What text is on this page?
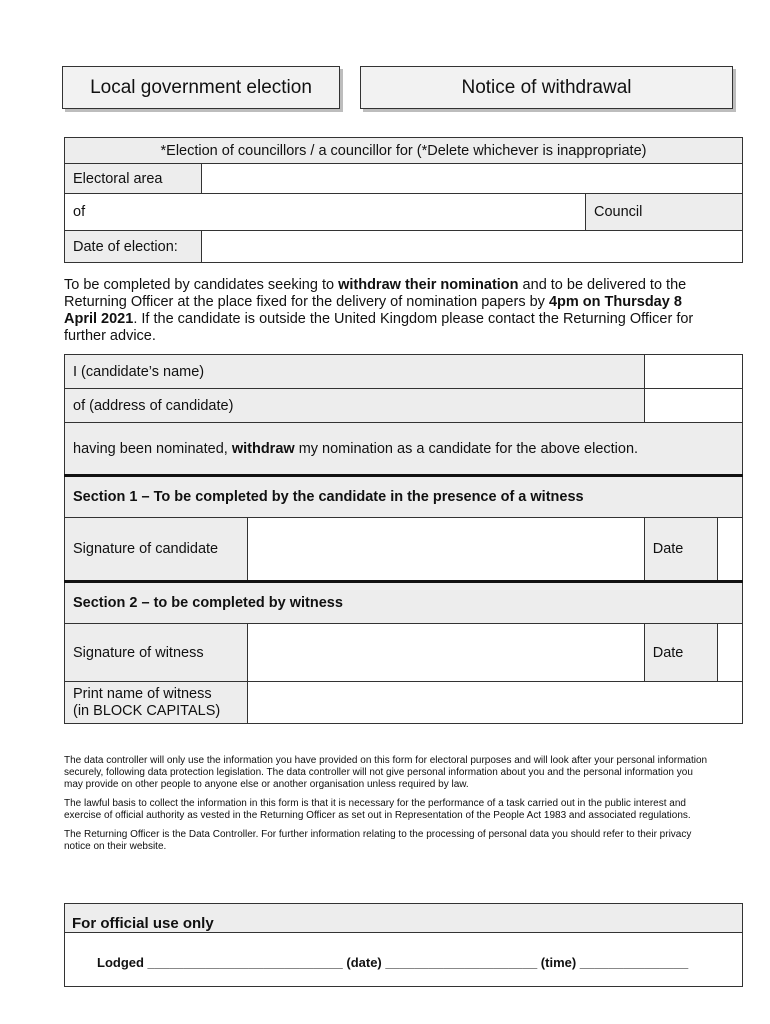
Local government election	Notice of withdrawal
*Election of councillors / a councillor for (*Delete whichever is inappropriate)		
Electoral area		
of		Council
Date of election:		
To be completed by candidates seeking to withdraw their nomination and to be delivered to the Returning Officer at the place fixed for the delivery of nomination papers by 4pm on Thursday 8 April 2021. If the candidate is outside the United Kingdom please contact the Returning Officer for further advice.
I (candidate’s name)			
of (address of candidate)			
having been nominated, withdraw my nomination as a candidate for the above election.			
Section 1 – To be completed by the candidate in the presence of a witness			
Signature of candidate		Date	
Section 2 – to be completed by witness			
Signature of witness		Date	
Print name of witness
(in BLOCK CAPITALS)			

The data controller will only use the information you have provided on this form for electoral purposes and will look after your personal information securely, following data protection legislation. The data controller will not give personal information about you and the personal information you may provide on other people to anyone else or another organisation unless required by law.

The lawful basis to collect the information in this form is that it is necessary for the performance of a task carried out in the public interest and exercise of official authority as vested in the Returning Officer as set out in Representation of the People Act 1983 and associated regulations.

The Returning Officer is the Data Controller. For further information relating to the processing of personal data you should refer to their privacy notice on their website.

For official use only
Lodged ___________________________ (date) _____________________ (time) _______________
